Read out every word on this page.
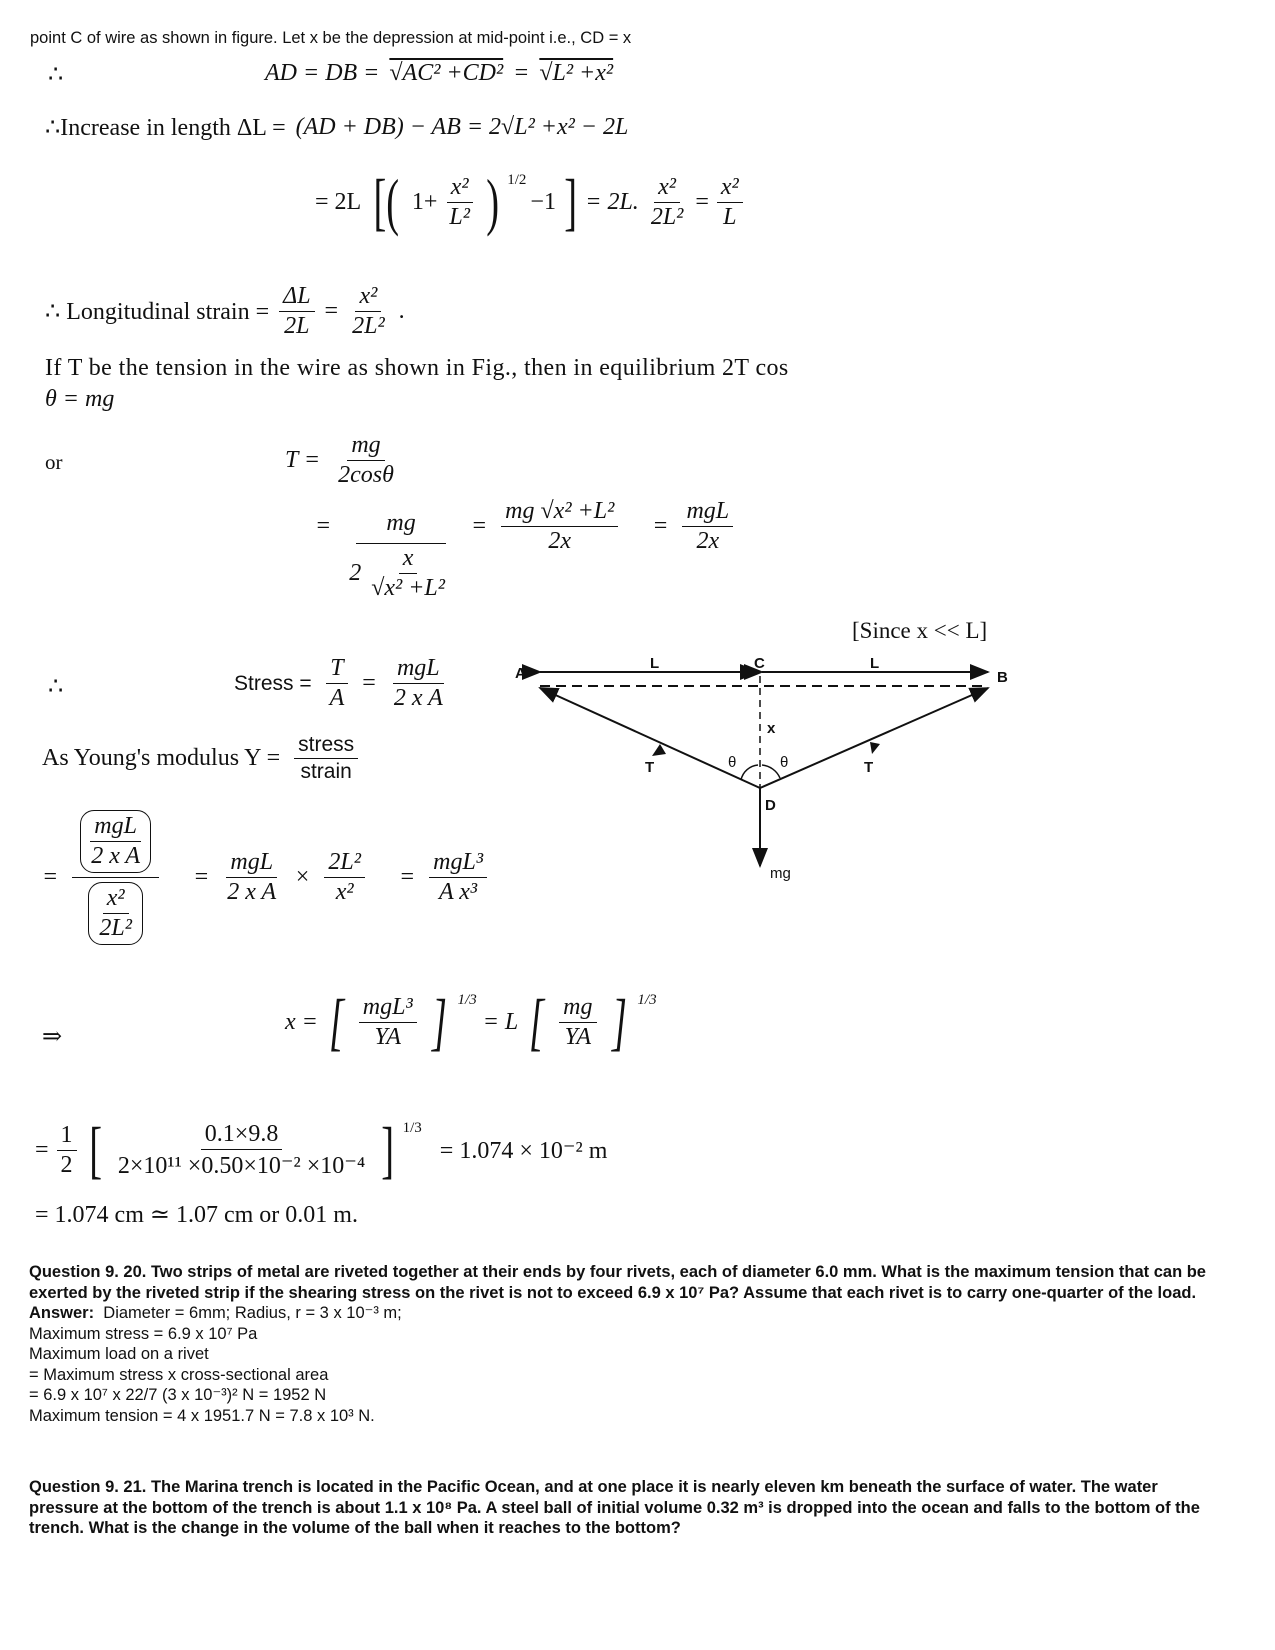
point C of wire as shown in figure. Let x be the depression at mid-point i.e., CD = x
∴	AD = DB = √AC² +CD² = √L² +x²
∴Increase in length ΔL = (AD + DB) − AB = 2√L² +x² − 2L
= 2L [( $1+ \frac{\text{x²}}{\text{L²}}$ ) 1/2
−1 ] = 2L. $\frac{\text{x²}}{\text{2L²}} = \frac{\text{x²}}{L}$
∴ Longitudinal strain = $\frac{\Delta L}{2L} = \frac{\text{x²}}{\text{2L²}}$ .
If T be the tension in the wire as shown in Fig., then in equilibrium 2T cos
θ = mg
or	$T = \frac{mg}{2\cos\theta}$
= $\frac{mg}{2 \frac{x}{\text{√x² +L²}}} = \frac{\text{mg √x² +L²}}{2x} = \frac{\text{mgL}}{2x}$
[Since x << L]
∴	Stress = $\frac{T}{A} = \frac{\text{mgL}}{\text{2 x A}}$
As Young's modulus $Y = \frac{\text{stress}}{\text{strain}}$
= $\frac{\frac{\text{mgL}}{\text{2 x A}}}{\frac{\text{x²}}{\text{2L²}}} = \frac{\text{mgL}}{\text{2 x A}} \times \frac{\text{2L²}}{\text{x²}} = \frac{\text{mgL³}}{\text{A x³}}$
⇒
x = [ $\frac{\text{mgL³}}{YA}$ ] 1/3
= L [ $\frac{mg}{YA}$ ] 1/3
= $\frac{1}{2}$ [ $\frac{0.1\times 9.8}{\text{2×10¹¹ ×0.50×10⁻² ×10⁻⁴}}$ ] 1/3
= 1.074 × 10⁻² m
= 1.074 cm ≃ 1.07 cm or 0.01 m.
A	B
C
D
L	L
x
T	T
θ	θ
mg
Question 9. 20. Two strips of metal are riveted together at their ends by four rivets, each of diameter 6.0 mm. What is the maximum tension that can be exerted by the riveted strip if the shearing stress on the rivet is not to exceed 6.9 x 10⁷ Pa? Assume that each rivet is to carry one-quarter of the load.
Answer: Diameter = 6mm; Radius, r = 3 x 10⁻³ m;
Maximum stress = 6.9 x 10⁷ Pa
Maximum load on a rivet
= Maximum stress x cross-sectional area
= 6.9 x 10⁷ x 22/7 (3 x 10⁻³)² N = 1952 N
Maximum tension = 4 x 1951.7 N = 7.8 x 10³ N.
Question 9. 21. The Marina trench is located in the Pacific Ocean, and at one place it is nearly eleven km beneath the surface of water. The water pressure at the bottom of the trench is about 1.1 x 10⁸ Pa. A steel ball of initial volume 0.32 m³ is dropped into the ocean and falls to the bottom of the trench. What is the change in the volume of the ball when it reaches to the bottom?
